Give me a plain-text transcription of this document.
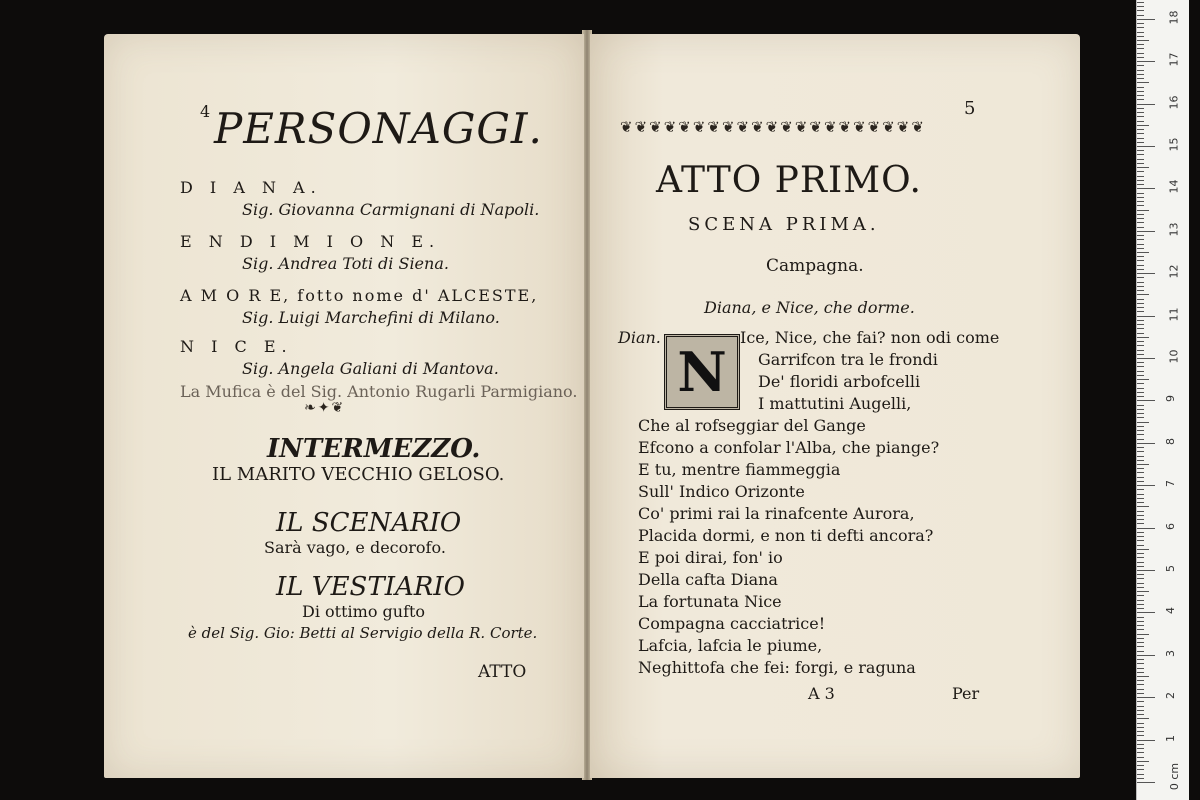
4 PERSONAGGI.
D I A N A.
Sig. Giovanna Carmignani di Napoli.
E N D I M I O N E.
Sig. Andrea Toti di Siena.
A M O R E, fotto nome d' ALCESTE,
Sig. Luigi Marchefini di Milano.
N I C E.
Sig. Angela Galiani di Mantova.
La Mufica è del Sig. Antonio Rugarli Parmigiano.
❧✦❦
INTERMEZZO.
IL MARITO VECCHIO GELOSO.
IL SCENARIO
Sarà vago, e decorofo.
IL VESTIARIO
Di ottimo gufto
è del Sig. Gio: Betti al Servigio della R. Corte.
ATTO
❦❦❦❦❦❦❦❦❦❦❦❦❦❦❦❦❦❦❦❦❦
5
ATTO PRIMO.
SCENA PRIMA.
Campagna.
Diana, e Nice, che dorme.
Dian.	Ice, Nice, che fai? non odi come
Garrifcon tra le frondi
De' floridi arbofcelli
I mattutini Augelli,
Che al rofseggiar del Gange
Efcono a confolar l'Alba, che piange?
E tu, mentre fiammeggia
Sull' Indico Orizonte
Co' primi rai la rinafcente Aurora,
Placida dormi, e non ti defti ancora?
E poi dirai, fon' io
Della cafta Diana
La fortunata Nice
Compagna cacciatrice!
Lafcia, lafcia le piume,
Neghittofa che fei: forgi, e raguna
A 3	Per
N
0 cm
1
2
3
4
5
6
7
8
9
10
11
12
13
14
15
16
17
18
